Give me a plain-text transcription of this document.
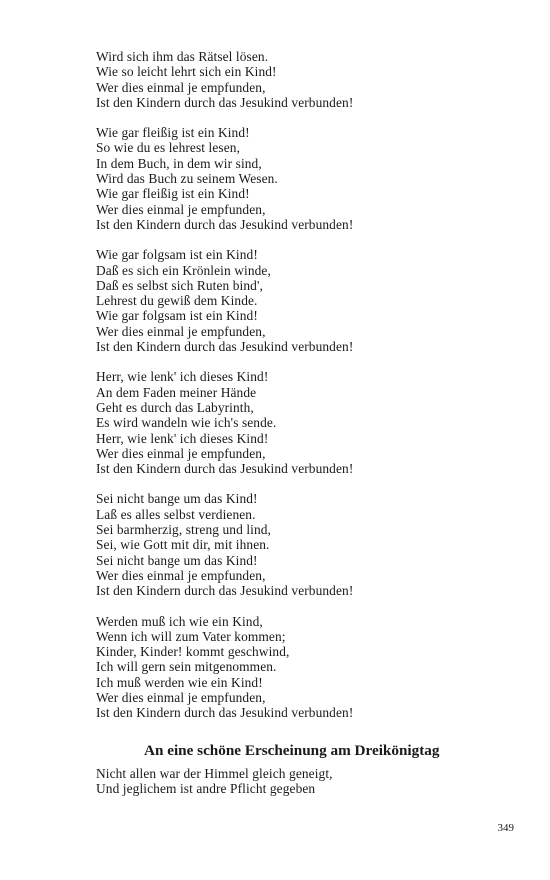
Wird sich ihm das Rätsel lösen.
Wie so leicht lehrt sich ein Kind!
Wer dies einmal je empfunden,
Ist den Kindern durch das Jesukind verbunden!
Wie gar fleißig ist ein Kind!
So wie du es lehrest lesen,
In dem Buch, in dem wir sind,
Wird das Buch zu seinem Wesen.
Wie gar fleißig ist ein Kind!
Wer dies einmal je empfunden,
Ist den Kindern durch das Jesukind verbunden!
Wie gar folgsam ist ein Kind!
Daß es sich ein Krönlein winde,
Daß es selbst sich Ruten bind',
Lehrest du gewiß dem Kinde.
Wie gar folgsam ist ein Kind!
Wer dies einmal je empfunden,
Ist den Kindern durch das Jesukind verbunden!
Herr, wie lenk' ich dieses Kind!
An dem Faden meiner Hände
Geht es durch das Labyrinth,
Es wird wandeln wie ich's sende.
Herr, wie lenk' ich dieses Kind!
Wer dies einmal je empfunden,
Ist den Kindern durch das Jesukind verbunden!
Sei nicht bange um das Kind!
Laß es alles selbst verdienen.
Sei barmherzig, streng und lind,
Sei, wie Gott mit dir, mit ihnen.
Sei nicht bange um das Kind!
Wer dies einmal je empfunden,
Ist den Kindern durch das Jesukind verbunden!
Werden muß ich wie ein Kind,
Wenn ich will zum Vater kommen;
Kinder, Kinder! kommt geschwind,
Ich will gern sein mitgenommen.
Ich muß werden wie ein Kind!
Wer dies einmal je empfunden,
Ist den Kindern durch das Jesukind verbunden!
An eine schöne Erscheinung am Dreikönigtag
Nicht allen war der Himmel gleich geneigt,
Und jeglichem ist andre Pflicht gegeben
349
